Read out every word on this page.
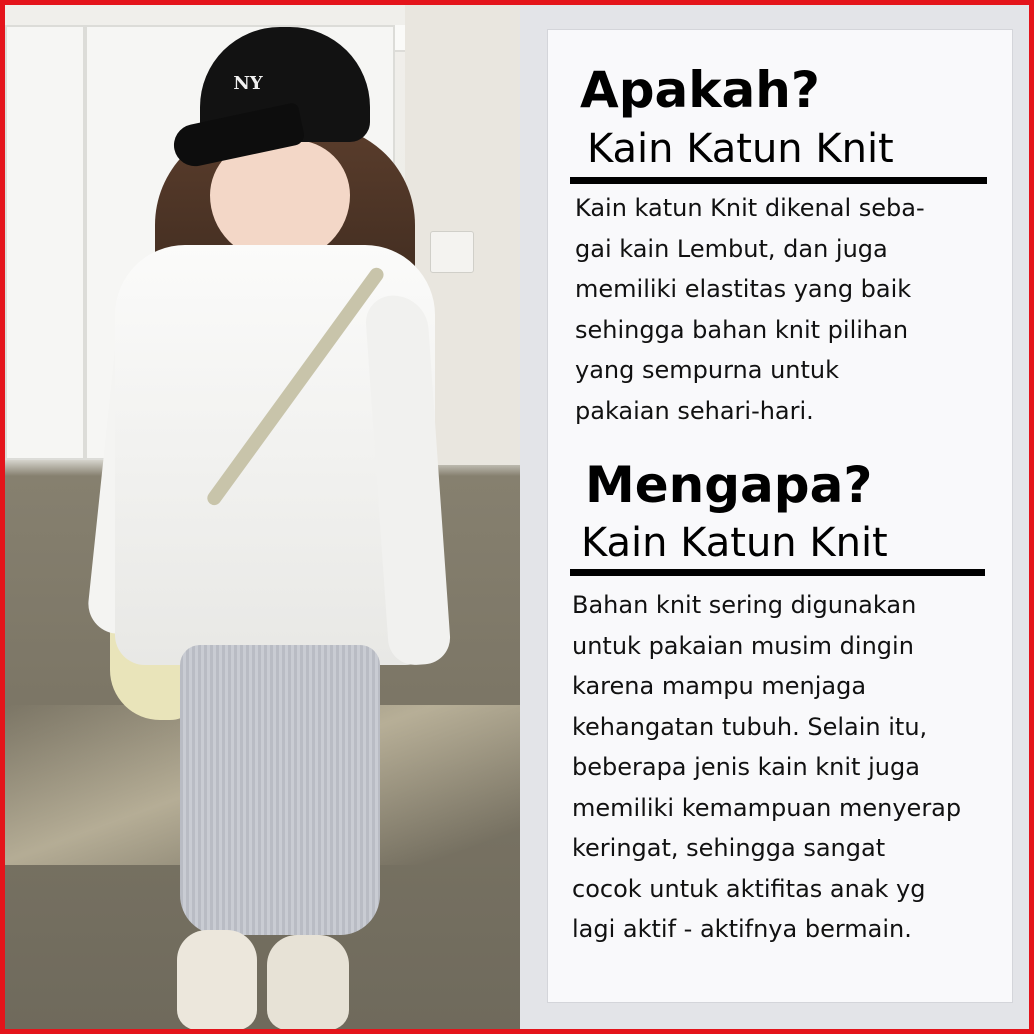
NY	Apakah?
Kain Katun Knit
Kain katun Knit dikenal seba-
gai kain Lembut, dan juga
memiliki elastitas yang baik
sehingga bahan knit pilihan
yang sempurna untuk
pakaian sehari-hari.
Mengapa?
Kain Katun Knit
Bahan knit sering digunakan
untuk pakaian musim dingin
karena mampu menjaga
kehangatan tubuh. Selain itu,
beberapa jenis kain knit juga
memiliki kemampuan menyerap
keringat, sehingga sangat
cocok untuk aktifitas anak yg
lagi aktif - aktifnya bermain.
